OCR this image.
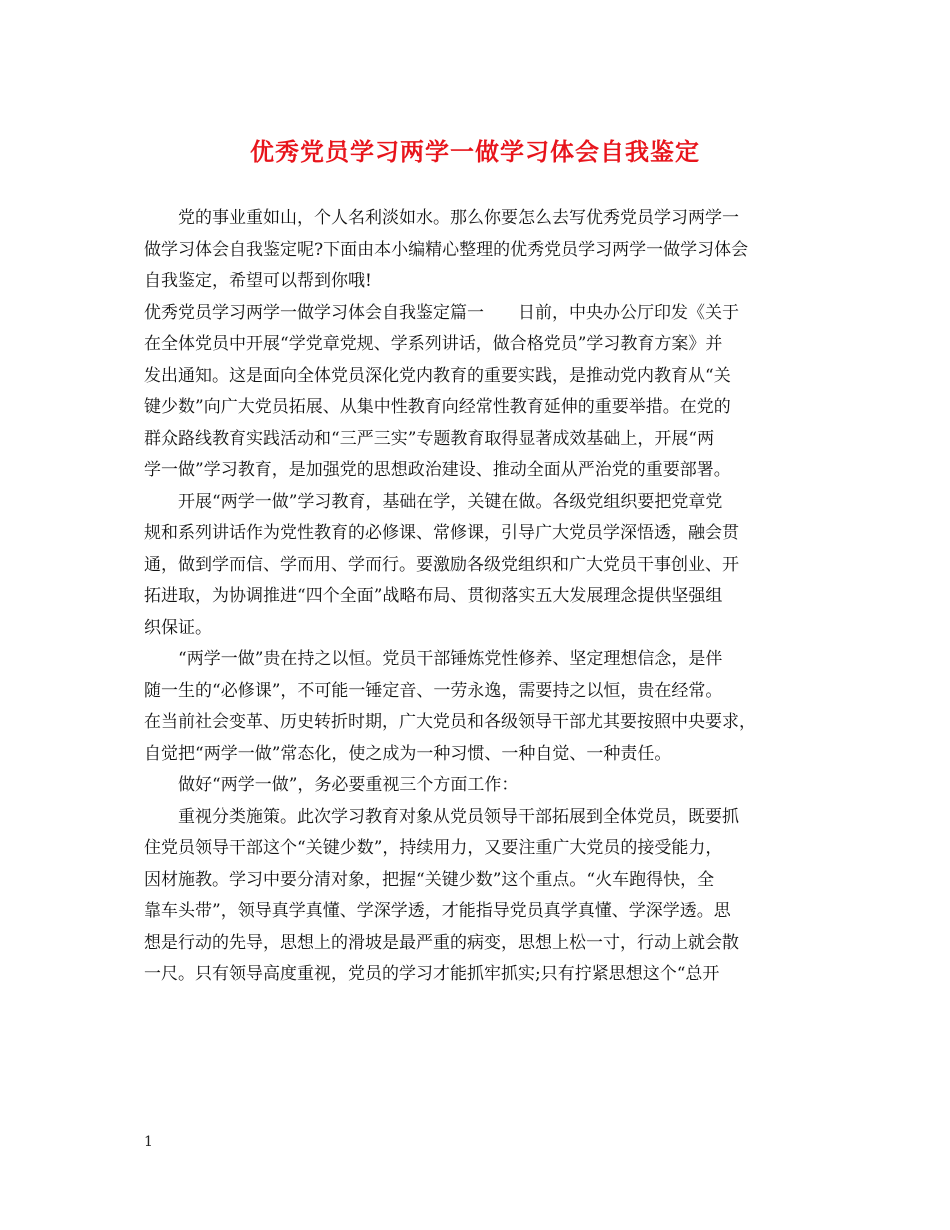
优秀党员学习两学一做学习体会自我鉴定
党的事业重如山，个人名利淡如水。那么你要怎么去写优秀党员学习两学一
做学习体会自我鉴定呢?下面由本小编精心整理的优秀党员学习两学一做学习体会
自我鉴定，希望可以帮到你哦!
优秀党员学习两学一做学习体会自我鉴定篇一　　日前，中央办公厅印发《关于
在全体党员中开展“学党章党规、学系列讲话，做合格党员”学习教育方案》并
发出通知。这是面向全体党员深化党内教育的重要实践，是推动党内教育从“关
键少数”向广大党员拓展、从集中性教育向经常性教育延伸的重要举措。在党的
群众路线教育实践活动和“三严三实”专题教育取得显著成效基础上，开展“两
学一做”学习教育，是加强党的思想政治建设、推动全面从严治党的重要部署。
开展“两学一做”学习教育，基础在学，关键在做。各级党组织要把党章党
规和系列讲话作为党性教育的必修课、常修课，引导广大党员学深悟透，融会贯
通，做到学而信、学而用、学而行。要激励各级党组织和广大党员干事创业、开
拓进取，为协调推进“四个全面”战略布局、贯彻落实五大发展理念提供坚强组
织保证。
“两学一做”贵在持之以恒。党员干部锤炼党性修养、坚定理想信念，是伴
随一生的“必修课”，不可能一锤定音、一劳永逸，需要持之以恒，贵在经常。
在当前社会变革、历史转折时期，广大党员和各级领导干部尤其要按照中央要求，
自觉把“两学一做”常态化，使之成为一种习惯、一种自觉、一种责任。
做好“两学一做”，务必要重视三个方面工作：
重视分类施策。此次学习教育对象从党员领导干部拓展到全体党员，既要抓
住党员领导干部这个“关键少数”，持续用力，又要注重广大党员的接受能力，
因材施教。学习中要分清对象，把握“关键少数”这个重点。“火车跑得快，全
靠车头带”，领导真学真懂、学深学透，才能指导党员真学真懂、学深学透。思
想是行动的先导，思想上的滑坡是最严重的病变，思想上松一寸，行动上就会散
一尺。只有领导高度重视，党员的学习才能抓牢抓实;只有拧紧思想这个“总开
1
